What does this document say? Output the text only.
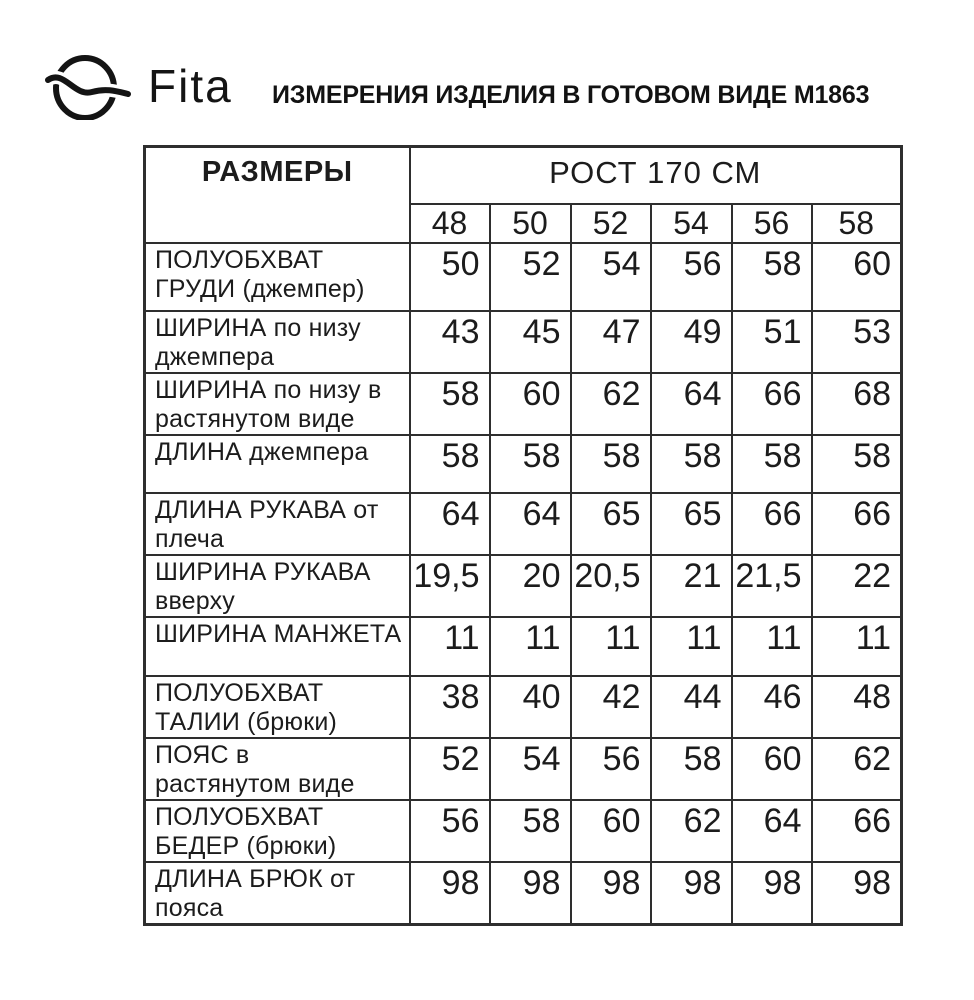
Fita ИЗМЕРЕНИЯ ИЗДЕЛИЯ В ГОТОВОМ ВИДЕ М1863
РАЗМЕРЫ	РОСТ 170 СМ					
	48	50	52	54	56	58

ПОЛУОБХВАТ
ГРУДИ (джемпер)	50	52	54	56	58	60

ШИРИНА по низу
джемпера	43	45	47	49	51	53

ШИРИНА по низу в
растянутом виде	58	60	62	64	66	68

ДЛИНА джемпера	58	58	58	58	58	58

ДЛИНА РУКАВА от
плеча	64	64	65	65	66	66

ШИРИНА РУКАВА
вверху	19,5	20	20,5	21	21,5	22

ШИРИНА МАНЖЕТА	11	11	11	11	11	11

ПОЛУОБХВАТ
ТАЛИИ (брюки)	38	40	42	44	46	48

ПОЯС в
растянутом виде	52	54	56	58	60	62

ПОЛУОБХВАТ
БЕДЕР (брюки)	56	58	60	62	64	66

ДЛИНА БРЮК от
пояса	98	98	98	98	98	98
